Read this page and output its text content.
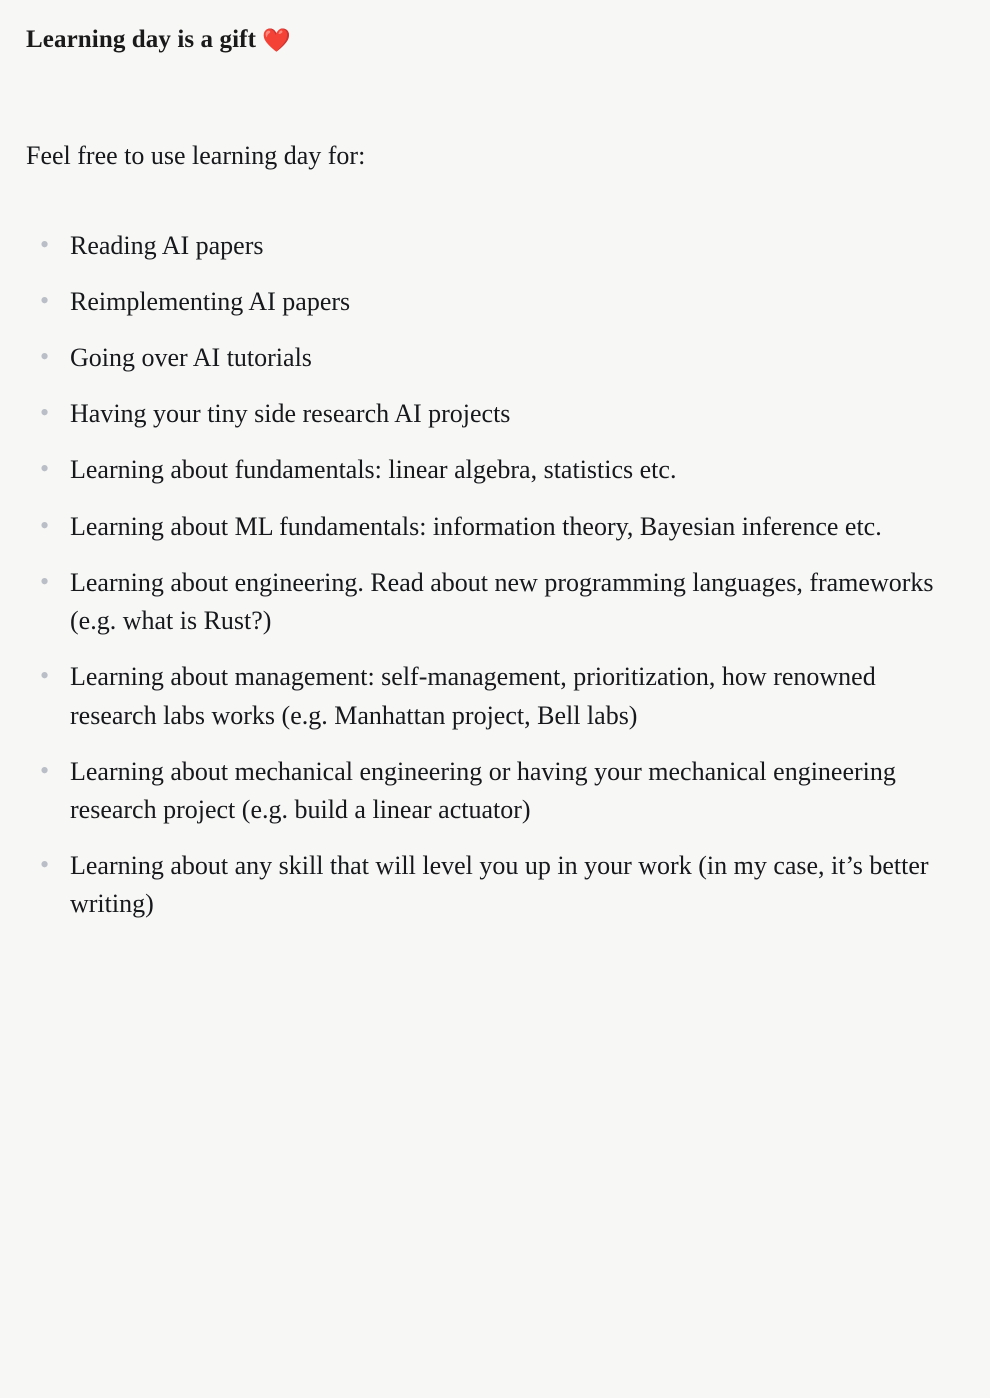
Learning day is a gift ❤️

Feel free to use learning day for:

• Reading AI papers
• Reimplementing AI papers
• Going over AI tutorials
• Having your tiny side research AI projects
• Learning about fundamentals: linear algebra, statistics etc.
• Learning about ML fundamentals: information theory, Bayesian inference etc.
• Learning about engineering. Read about new programming languages, frameworks (e.g. what is Rust?)
• Learning about management: self-management, prioritization, how renowned research labs works (e.g. Manhattan project, Bell labs)
• Learning about mechanical engineering or having your mechanical engineering research project (e.g. build a linear actuator)
• Learning about any skill that will level you up in your work (in my case, it’s better writing)
